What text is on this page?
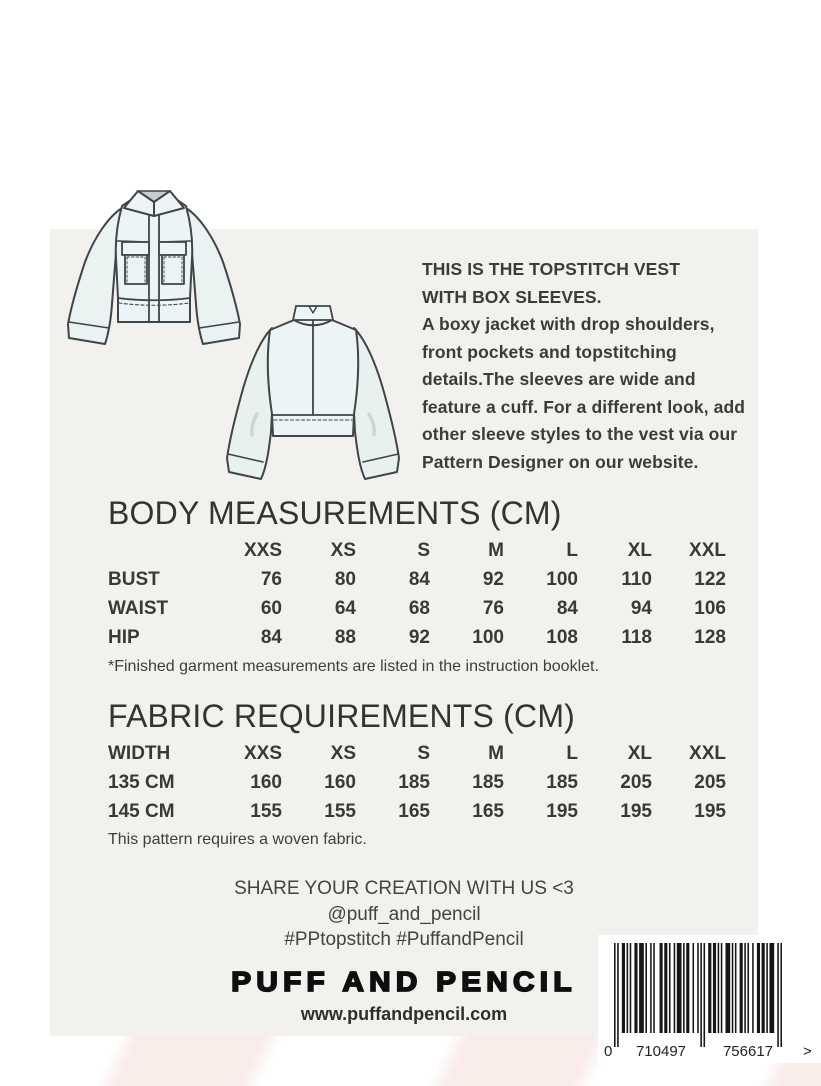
THIS IS THE TOPSTITCH VEST
WITH BOX SLEEVES.
A boxy jacket with drop shoulders, front pockets and topstitching details.The sleeves are wide and feature a cuff. For a different look, add other sleeve styles to the vest via our Pattern Designer on our website.
BODY MEASUREMENTS (CM)
	XXS	XS	S	M	L	XL	XXL
BUST	76	80	84	92	100	110	122
WAIST	60	64	68	76	84	94	106
HIP	84	88	92	100	108	118	128
*Finished garment measurements are listed in the instruction booklet.
FABRIC REQUIREMENTS (CM)
WIDTH	XXS	XS	S	M	L	XL	XXL
135 CM	160	160	185	185	185	205	205
145 CM	155	155	165	165	195	195	195
This pattern requires a woven fabric.
SHARE YOUR CREATION WITH US <3
@puff_and_pencil
#PPtopstitch #PuffandPencil
PUFF AND PENCIL
www.puffandpencil.com
0 710497 756617 >
